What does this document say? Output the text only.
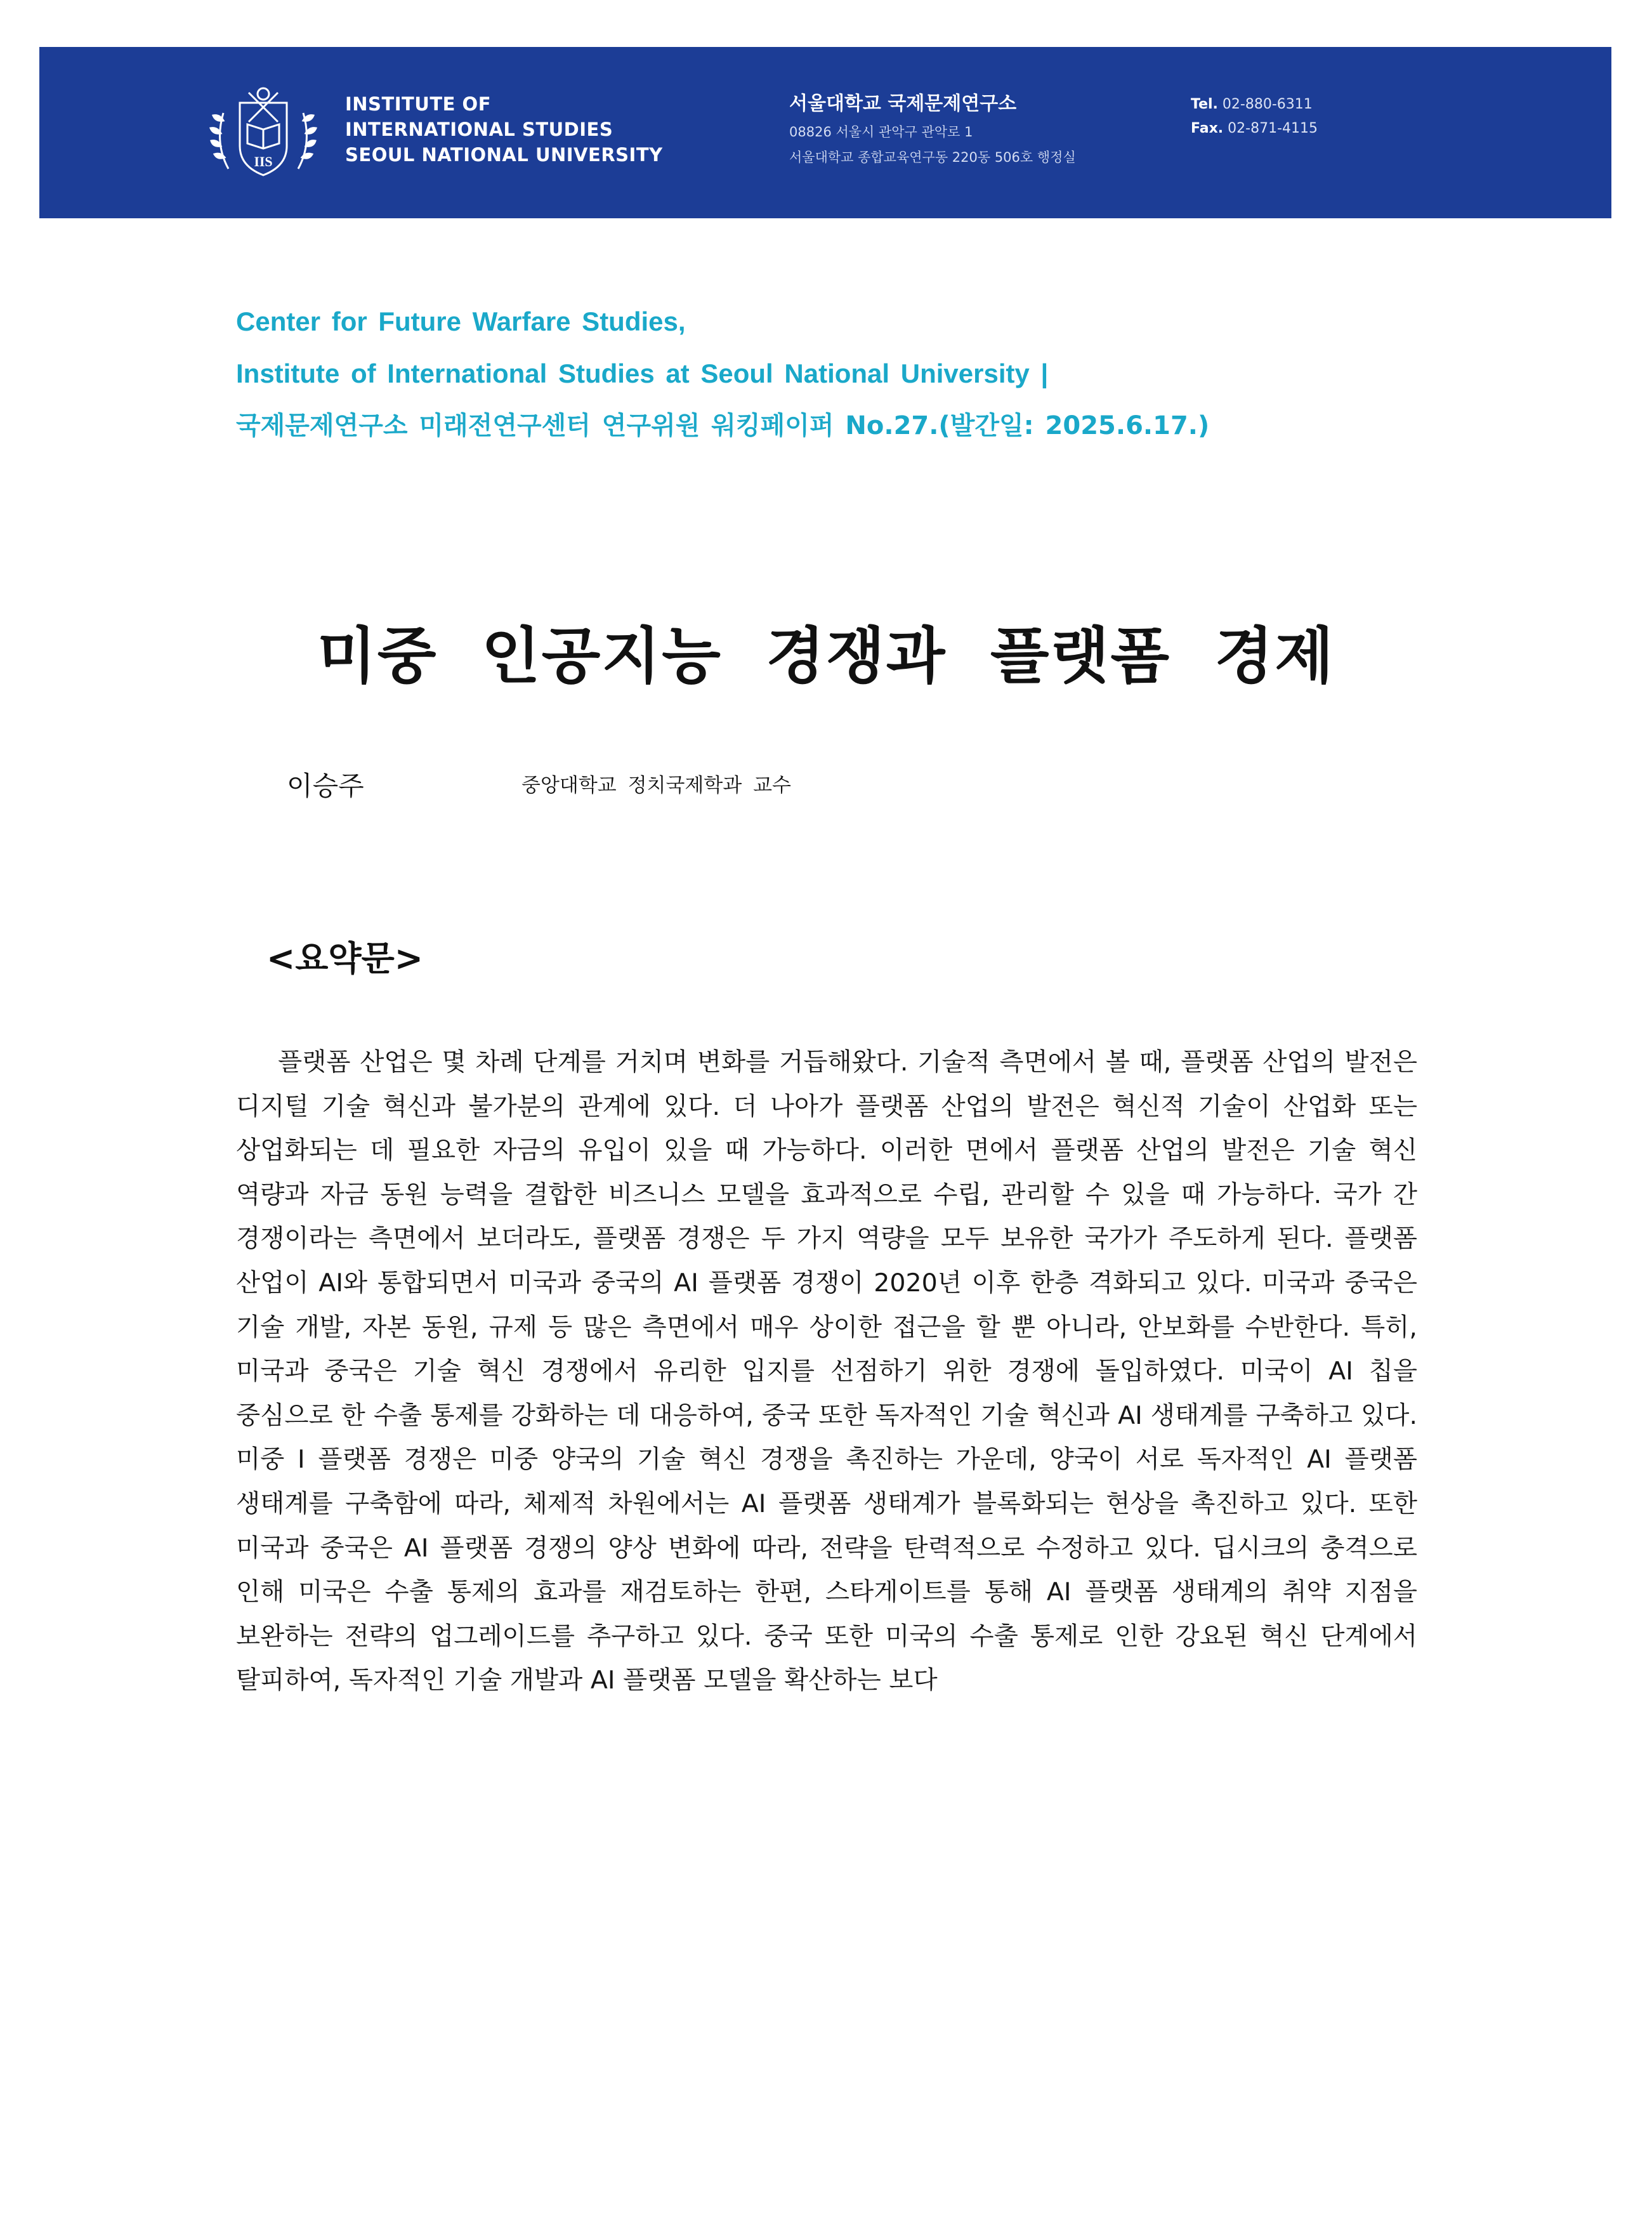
IIS
INSTITUTE OF
INTERNATIONAL STUDIES
SEOUL NATIONAL UNIVERSITY
서울대학교 국제문제연구소
08826 서울시 관악구 관악로 1
서울대학교 종합교육연구동 220동 506호 행정실
Tel. 02-880-6311
Fax. 02-871-4115
Center for Future Warfare Studies,
Institute of International Studies at Seoul National University |
국제문제연구소 미래전연구센터 연구위원 워킹페이퍼 No.27.(발간일: 2025.6.17.)
미중 인공지능 경쟁과 플랫폼 경제
이승주	중앙대학교 정치국제학과 교수
<요약문>

플랫폼 산업은 몇 차례 단계를 거치며 변화를 거듭해왔다. 기술적 측면에서 볼 때, 플랫폼 산업의 발전은 디지털 기술 혁신과 불가분의 관계에 있다. 더 나아가 플랫폼 산업의 발전은 혁신적 기술이 산업화 또는 상업화되는 데 필요한 자금의 유입이 있을 때 가능하다. 이러한 면에서 플랫폼 산업의 발전은 기술 혁신 역량과 자금 동원 능력을 결합한 비즈니스 모델을 효과적으로 수립, 관리할 수 있을 때 가능하다. 국가 간 경쟁이라는 측면에서 보더라도, 플랫폼 경쟁은 두 가지 역량을 모두 보유한 국가가 주도하게 된다. 플랫폼 산업이 AI와 통합되면서 미국과 중국의 AI 플랫폼 경쟁이 2020년 이후 한층 격화되고 있다. 미국과 중국은 기술 개발, 자본 동원, 규제 등 많은 측면에서 매우 상이한 접근을 할 뿐 아니라, 안보화를 수반한다. 특히, 미국과 중국은 기술 혁신 경쟁에서 유리한 입지를 선점하기 위한 경쟁에 돌입하였다. 미국이 AI 칩을 중심으로 한 수출 통제를 강화하는 데 대응하여, 중국 또한 독자적인 기술 혁신과 AI 생태계를 구축하고 있다. 미중 I 플랫폼 경쟁은 미중 양국의 기술 혁신 경쟁을 촉진하는 가운데, 양국이 서로 독자적인 AI 플랫폼 생태계를 구축함에 따라, 체제적 차원에서는 AI 플랫폼 생태계가 블록화되는 현상을 촉진하고 있다. 또한 미국과 중국은 AI 플랫폼 경쟁의 양상 변화에 따라, 전략을 탄력적으로 수정하고 있다. 딥시크의 충격으로 인해 미국은 수출 통제의 효과를 재검토하는 한편, 스타게이트를 통해 AI 플랫폼 생태계의 취약 지점을 보완하는 전략의 업그레이드를 추구하고 있다. 중국 또한 미국의 수출 통제로 인한 강요된 혁신 단계에서 탈피하여, 독자적인 기술 개발과 AI 플랫폼 모델을 확산하는 보다
